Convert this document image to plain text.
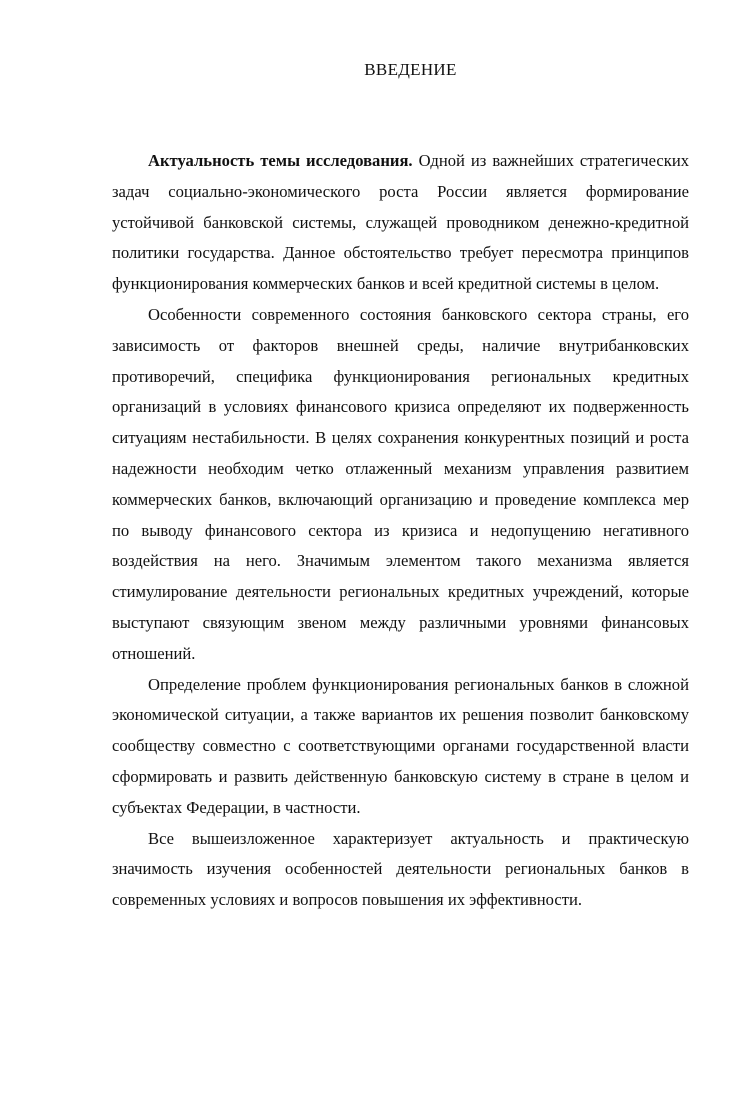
ВВЕДЕНИЕ

Актуальность темы исследования. Одной из важнейших стратегических задач социально-экономического роста России является формирование устойчивой банковской системы, служащей проводником денежно-кредитной политики государства. Данное обстоятельство требует пересмотра принципов функционирования коммерческих банков и всей кредитной системы в целом.

Особенности современного состояния банковского сектора страны, его зависимость от факторов внешней среды, наличие внутрибанковских противоречий, специфика функционирования региональных кредитных организаций в условиях финансового кризиса определяют их подверженность ситуациям нестабильности. В целях сохранения конкурентных позиций и роста надежности необходим четко отлаженный механизм управления развитием коммерческих банков, включающий организацию и проведение комплекса мер по выводу финансового сектора из кризиса и недопущению негативного воздействия на него. Значимым элементом такого механизма является стимулирование деятельности региональных кредитных учреждений, которые выступают связующим звеном между различными уровнями финансовых отношений.

Определение проблем функционирования региональных банков в сложной экономической ситуации, а также вариантов их решения позволит банковскому сообществу совместно с соответствующими органами государственной власти сформировать и развить действенную банковскую систему в стране в целом и субъектах Федерации, в частности.

Все вышеизложенное характеризует актуальность и практическую значимость изучения особенностей деятельности региональных банков в современных условиях и вопросов повышения их эффективности.
